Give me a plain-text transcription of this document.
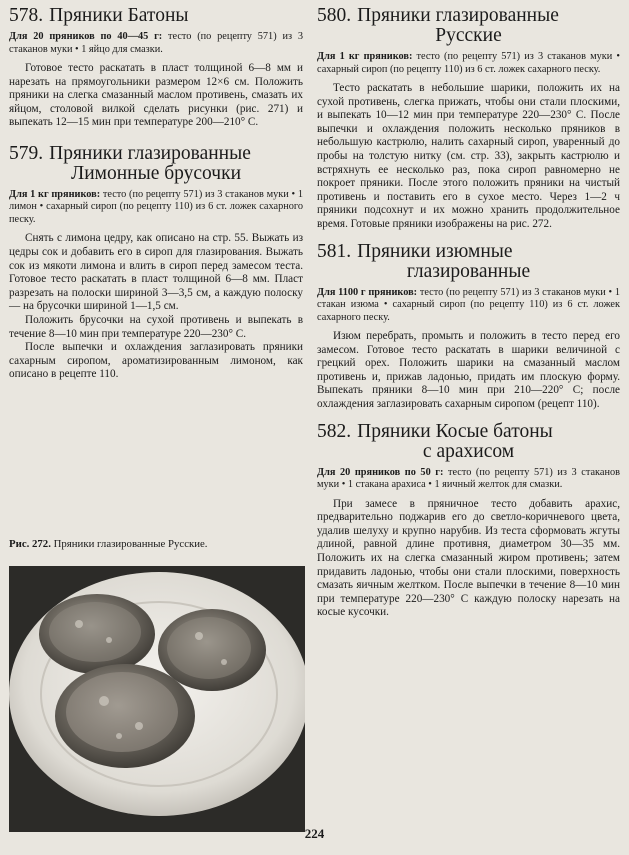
578. Пряники Батоны

Для 20 пряников по 40—45 г: тесто (по рецепту 571) из 3 стаканов муки • 1 яйцо для смазки.

Готовое тесто раскатать в пласт толщиной 6—8 мм и нарезать на прямоугольники размером 12×6 см. Положить пряники на слегка смазанный маслом противень, смазать их яйцом, столовой вилкой сделать рисунки (рис. 271) и выпекать 12—15 мин при температуре 200—210° С.

579. Пряники глазированные
Лимонные брусочки

Для 1 кг пряников: тесто (по рецепту 571) из 3 стаканов муки • 1 лимон • сахарный сироп (по рецепту 110) из 6 ст. ложек сахарного песку.

Снять с лимона цедру, как описано на стр. 55. Выжать из цедры сок и добавить его в сироп для глазирования. Выжать сок из мякоти лимона и влить в сироп перед замесом теста. Готовое тесто раскатать в пласт толщиной 6—8 мм. Пласт разрезать на полоски шириной 3—3,5 см, а каждую полоску — на брусочки шириной 1—1,5 см.

Положить брусочки на сухой противень и выпекать в течение 8—10 мин при температуре 220—230° С.

После выпечки и охлаждения заглазировать пряники сахарным сиропом, ароматизированным лимоном, как описано в рецепте 110.

Рис. 272. Пряники глазированные Русские.
580. Пряники глазированные
Русские

Для 1 кг пряников: тесто (по рецепту 571) из 3 стаканов муки • сахарный сироп (по рецепту 110) из 6 ст. ложек сахарного песку.

Тесто раскатать в небольшие шарики, положить их на сухой противень, слегка прижать, чтобы они стали плоскими, и выпекать 10—12 мин при температуре 220—230° С. После выпечки и охлаждения положить несколько пряников в небольшую кастрюлю, налить сахарный сироп, уваренный до пробы на толстую нитку (см. стр. 33), закрыть кастрюлю и встряхнуть ее несколько раз, пока сироп равномерно не покроет пряники. После этого положить пряники на чистый противень и поставить его в сухое место. Через 1—2 ч пряники подсохнут и их можно хранить продолжительное время. Готовые пряники изображены на рис. 272.

581. Пряники изюмные
глазированные

Для 1100 г пряников: тесто (по рецепту 571) из 3 стаканов муки • 1 стакан изюма • сахарный сироп (по рецепту 110) из 6 ст. ложек сахарного песку.

Изюм перебрать, промыть и положить в тесто перед его замесом. Готовое тесто раскатать в шарики величиной с грецкий орех. Положить шарики на смазанный маслом противень и, прижав ладонью, придать им плоскую форму. Выпекать пряники 8—10 мин при 210—220° С; после охлаждения заглазировать сахарным сиропом (рецепт 110).

582. Пряники Косые батоны
с арахисом

Для 20 пряников по 50 г: тесто (по рецепту 571) из 3 стаканов муки • 1 стакана арахиса • 1 яичный желток для смазки.

При замесе в пряничное тесто добавить арахис, предварительно поджарив его до светло-коричневого цвета, удалив шелуху и крупно нарубив. Из теста сформовать жгуты длиной, равной длине противня, диаметром 30—35 мм. Положить их на слегка смазанный жиром противень; затем придавить ладонью, чтобы они стали плоскими, поверхность смазать яичным желтком. После выпечки в течение 8—10 мин при температуре 220—230° С каждую полоску нарезать на косые кусочки.

224
